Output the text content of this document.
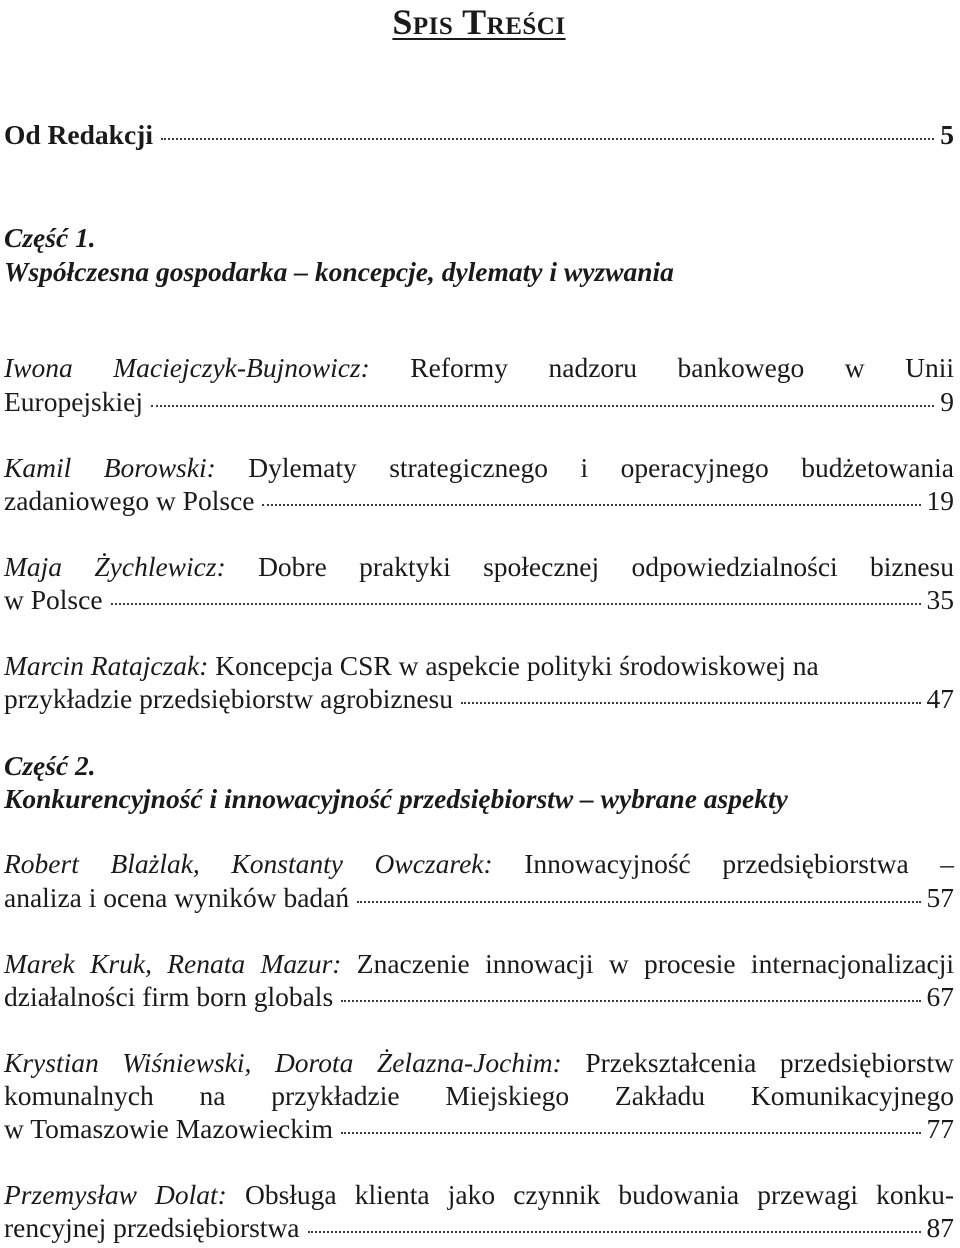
Spis Treści
Od Redakcji	5
Część 1.
Współczesna gospodarka – koncepcje, dylematy i wyzwania
Iwona Maciejczyk-Bujnowicz: Reformy nadzoru bankowego w Unii
Europejskiej	9
Kamil Borowski: Dylematy strategicznego i operacyjnego budżetowania
zadaniowego w Polsce	19
Maja Żychlewicz: Dobre praktyki społecznej odpowiedzialności biznesu
w Polsce	35
Marcin Ratajczak: Koncepcja CSR w aspekcie polityki środowiskowej na
przykładzie przedsiębiorstw agrobiznesu	47
Część 2.
Konkurencyjność i innowacyjność przedsiębiorstw – wybrane aspekty
Robert Blażlak, Konstanty Owczarek: Innowacyjność przedsiębiorstwa –
analiza i ocena wyników badań	57
Marek Kruk, Renata Mazur: Znaczenie innowacji w procesie internacjonalizacji
działalności firm born globals	67
Krystian Wiśniewski, Dorota Żelazna-Jochim: Przekształcenia przedsiębiorstw
komunalnych na przykładzie Miejskiego Zakładu Komunikacyjnego
w Tomaszowie Mazowieckim	77
Przemysław Dolat: Obsługa klienta jako czynnik budowania przewagi konku-
rencyjnej przedsiębiorstwa	87
